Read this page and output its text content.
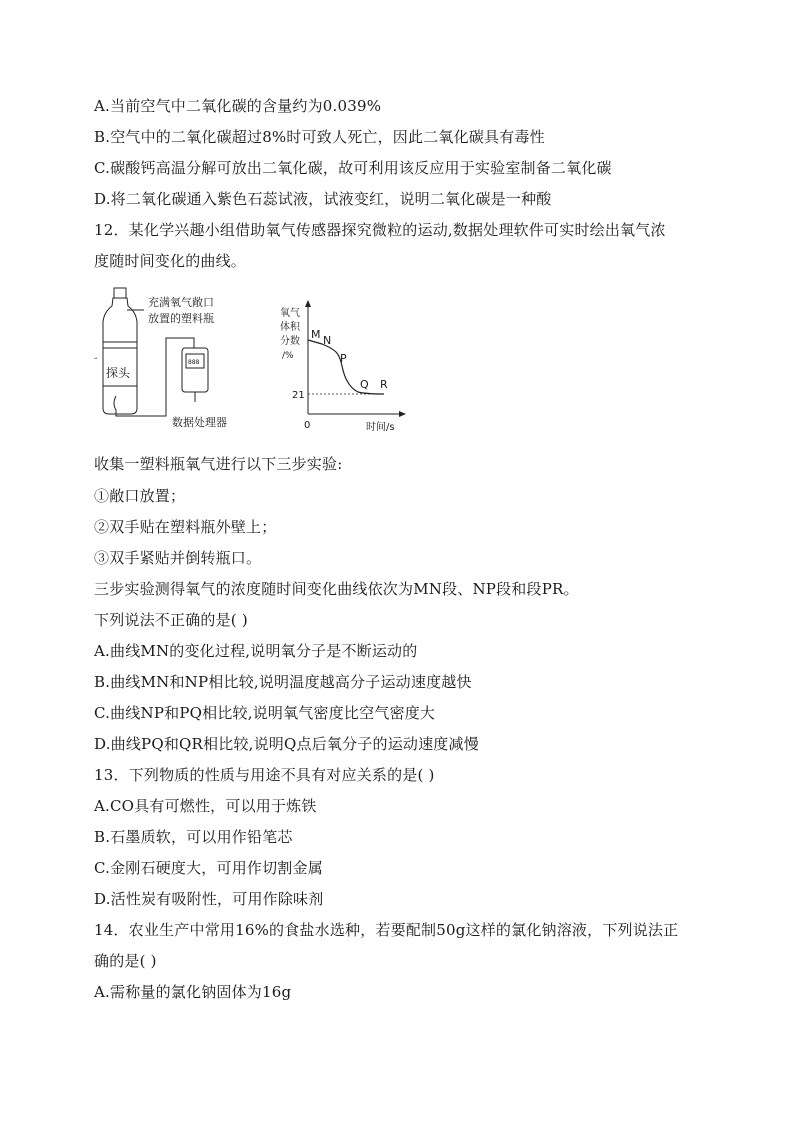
A.当前空气中二氧化碳的含量约为0.039%
B.空气中的二氧化碳超过8%时可致人死亡，因此二氧化碳具有毒性
C.碳酸钙高温分解可放出二氧化碳，故可利用该反应用于实验室制备二氧化碳
D.将二氧化碳通入紫色石蕊试液，试液变红，说明二氧化碳是一种酸
12．某化学兴趣小组借助氧气传感器探究微粒的运动,数据处理软件可实时绘出氧气浓
度随时间变化的曲线。
探头
ᵕ
充满氧气敞口
放置的塑料瓶
888
数据处理器
氧气
体积
分数
/%
21
0	时间/s
M N
P
Q R
收集一塑料瓶氧气进行以下三步实验:
①敞口放置；
②双手贴在塑料瓶外壁上；
③双手紧贴并倒转瓶口。
三步实验测得氧气的浓度随时间变化曲线依次为MN段、NP段和段PR。
下列说法不正确的是( )
A.曲线MN的变化过程,说明氧分子是不断运动的
B.曲线MN和NP相比较,说明温度越高分子运动速度越快
C.曲线NP和PQ相比较,说明氧气密度比空气密度大
D.曲线PQ和QR相比较,说明Q点后氧分子的运动速度减慢
13．下列物质的性质与用途不具有对应关系的是( )
A.CO具有可燃性，可以用于炼铁
B.石墨质软，可以用作铅笔芯
C.金刚石硬度大，可用作切割金属
D.活性炭有吸附性，可用作除味剂
14．农业生产中常用16%的食盐水选种，若要配制50g这样的氯化钠溶液，下列说法正
确的是( )
A.需称量的氯化钠固体为16g
